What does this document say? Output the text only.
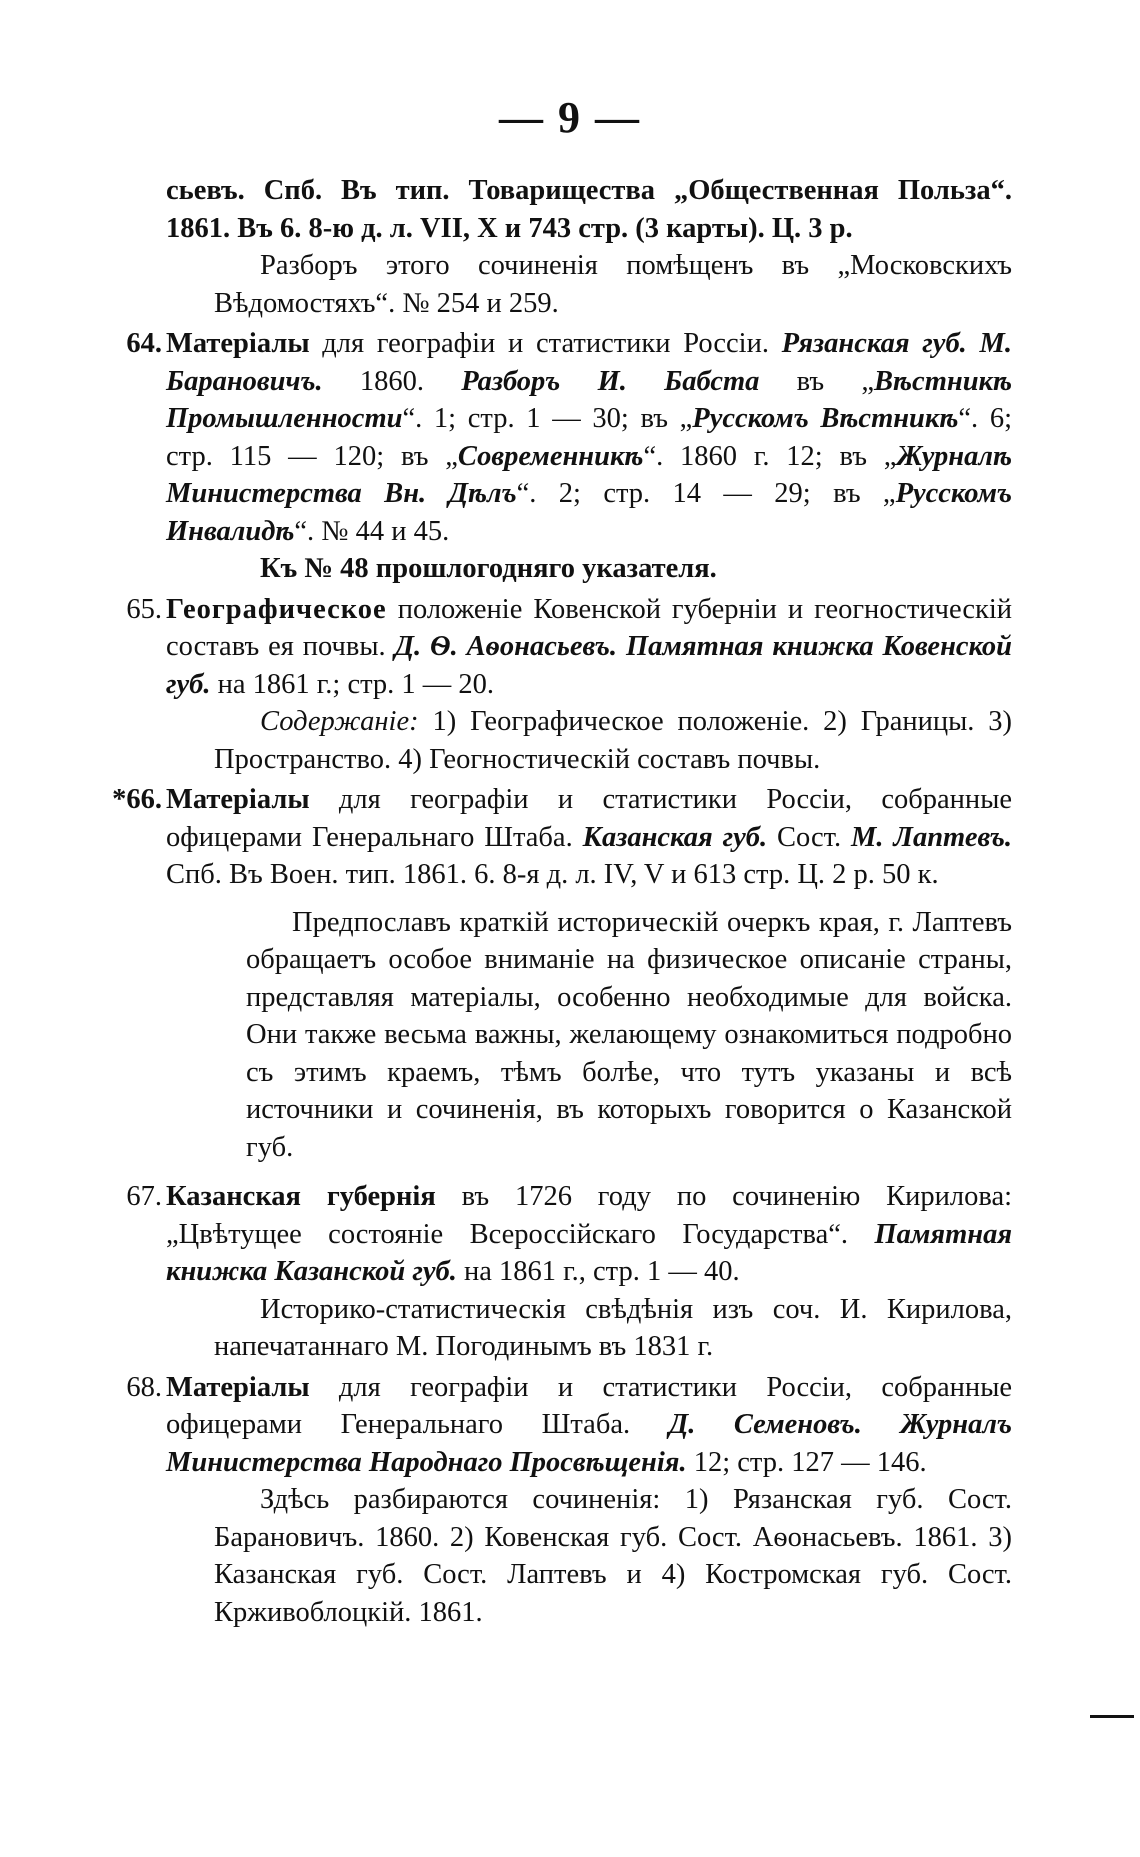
— 9 —

сьевъ. Спб. Въ тип. Товарищества „Общественная Польза“. 1861. Въ 6. 8-ю д. л. VII, X и 743 стр. (3 карты). Ц. 3 р.

Разборъ этого сочиненія помѣщенъ въ „Московскихъ Вѣдомостяхъ“. № 254 и 259.

64. Матеріалы для географіи и статистики Россіи. Рязанская губ. М. Барановичъ. 1860. Разборъ И. Бабста въ „Вѣстникѣ Промышленности“. 1; стр. 1 — 30; въ „Русскомъ Вѣстникѣ“. 6; стр. 115 — 120; въ „Современникѣ“. 1860 г. 12; въ „Журналѣ Министерства Вн. Дѣлъ“. 2; стр. 14 — 29; въ „Русскомъ Инвалидѣ“. № 44 и 45.

Къ № 48 прошлогодняго указателя.

65. Географическое положеніе Ковенской губерніи и геогностическій составъ ея почвы. Д. Ѳ. Аѳонасьевъ. Памятная книжка Ковенской губ. на 1861 г.; стр. 1 — 20.

Содержаніе: 1) Географическое положеніе. 2) Границы. 3) Пространство. 4) Геогностическій составъ почвы.

*66. Матеріалы для географіи и статистики Россіи, собранные офицерами Генеральнаго Штаба. Казанская губ. Сост. М. Лаптевъ. Спб. Въ Воен. тип. 1861. 6. 8-я д. л. IV, V и 613 стр. Ц. 2 р. 50 к.

Предпославъ краткій историческій очеркъ края, г. Лаптевъ обращаетъ особое вниманіе на физическое описаніе страны, представляя матеріалы, особенно необходимые для войска. Они также весьма важны, желающему ознакомиться подробно съ этимъ краемъ, тѣмъ болѣе, что тутъ указаны и всѣ источники и сочиненія, въ которыхъ говорится о Казанской губ.

67. Казанская губернія въ 1726 году по сочиненію Кирилова: „Цвѣтущее состояніе Всероссійскаго Государства“. Памятная книжка Казанской губ. на 1861 г., стр. 1 — 40.

Историко-статистическія свѣдѣнія изъ соч. И. Кирилова, напечатаннаго М. Погодинымъ въ 1831 г.

68. Матеріалы для географіи и статистики Россіи, собранные офицерами Генеральнаго Штаба. Д. Семеновъ. Журналъ Министерства Народнаго Просвѣщенія. 12; стр. 127 — 146.

Здѣсь разбираются сочиненія: 1) Рязанская губ. Сост. Барановичъ. 1860. 2) Ковенская губ. Сост. Аѳонасьевъ. 1861. 3) Казанская губ. Сост. Лаптевъ и 4) Костромская губ. Сост. Крживоблоцкій. 1861.
